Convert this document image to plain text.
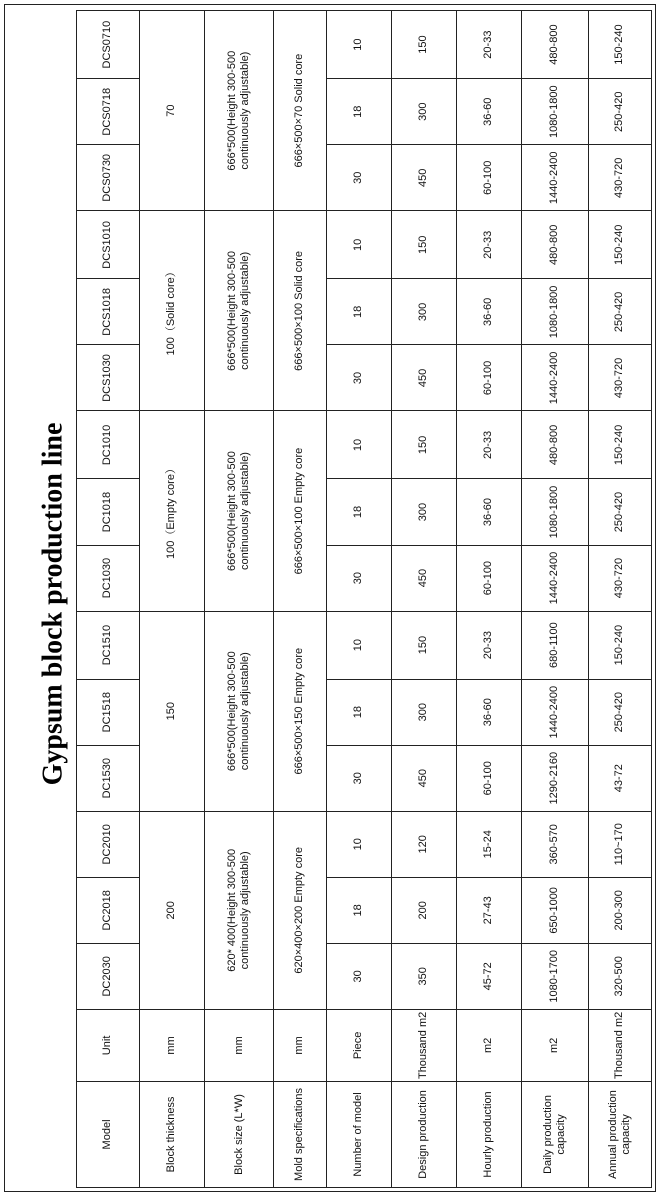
Gypsum block production line
Model	Unit	DC2030	DC2018	DC2010	DC1530	DC1518	DC1510	DC1030	DC1018	DC1010	DCS1030	DCS1018	DCS1010	DCS0730	DCS0718	DCS0710
Block thickness	mm	200			150			100（Empty core）			100（Solid core）			70		
Block size (L*W)	mm	620* 400(Height 300-500 continuously adjustable)			666*500(Height 300-500 continuously adjustable)			666*500(Height 300-500 continuously adjustable)			666*500(Height 300-500 continuously adjustable)			666*500(Height 300-500 continuously adjustable)		
Mold specifications	mm	620×400×200 Empty core			666×500×150 Empty core			666×500×100 Empty core			666×500×100 Solid core			666×500×70 Solid core		
Number of model	Piece	30	18	10	30	18	10	30	18	10	30	18	10	30	18	10
Design production	Thousand m2	350	200	120	450	300	150	450	300	150	450	300	150	450	300	150
Hourly production	m2	45-72	27-43	15-24	60-100	36-60	20-33	60-100	36-60	20-33	60-100	36-60	20-33	60-100	36-60	20-33
Daily production capacity	m2	1080-1700	650-1000	360-570	1290-2160	1440-2400	680-1100	1440-2400	1080-1800	480-800	1440-2400	1080-1800	480-800	1440-2400	1080-1800	480-800
Annual production capacity	Thousand m2	320-500	200-300	110~170	43-72	250-420	150-240	430-720	250-420	150-240	430-720	250-420	150-240	430-720	250-420	150-240
